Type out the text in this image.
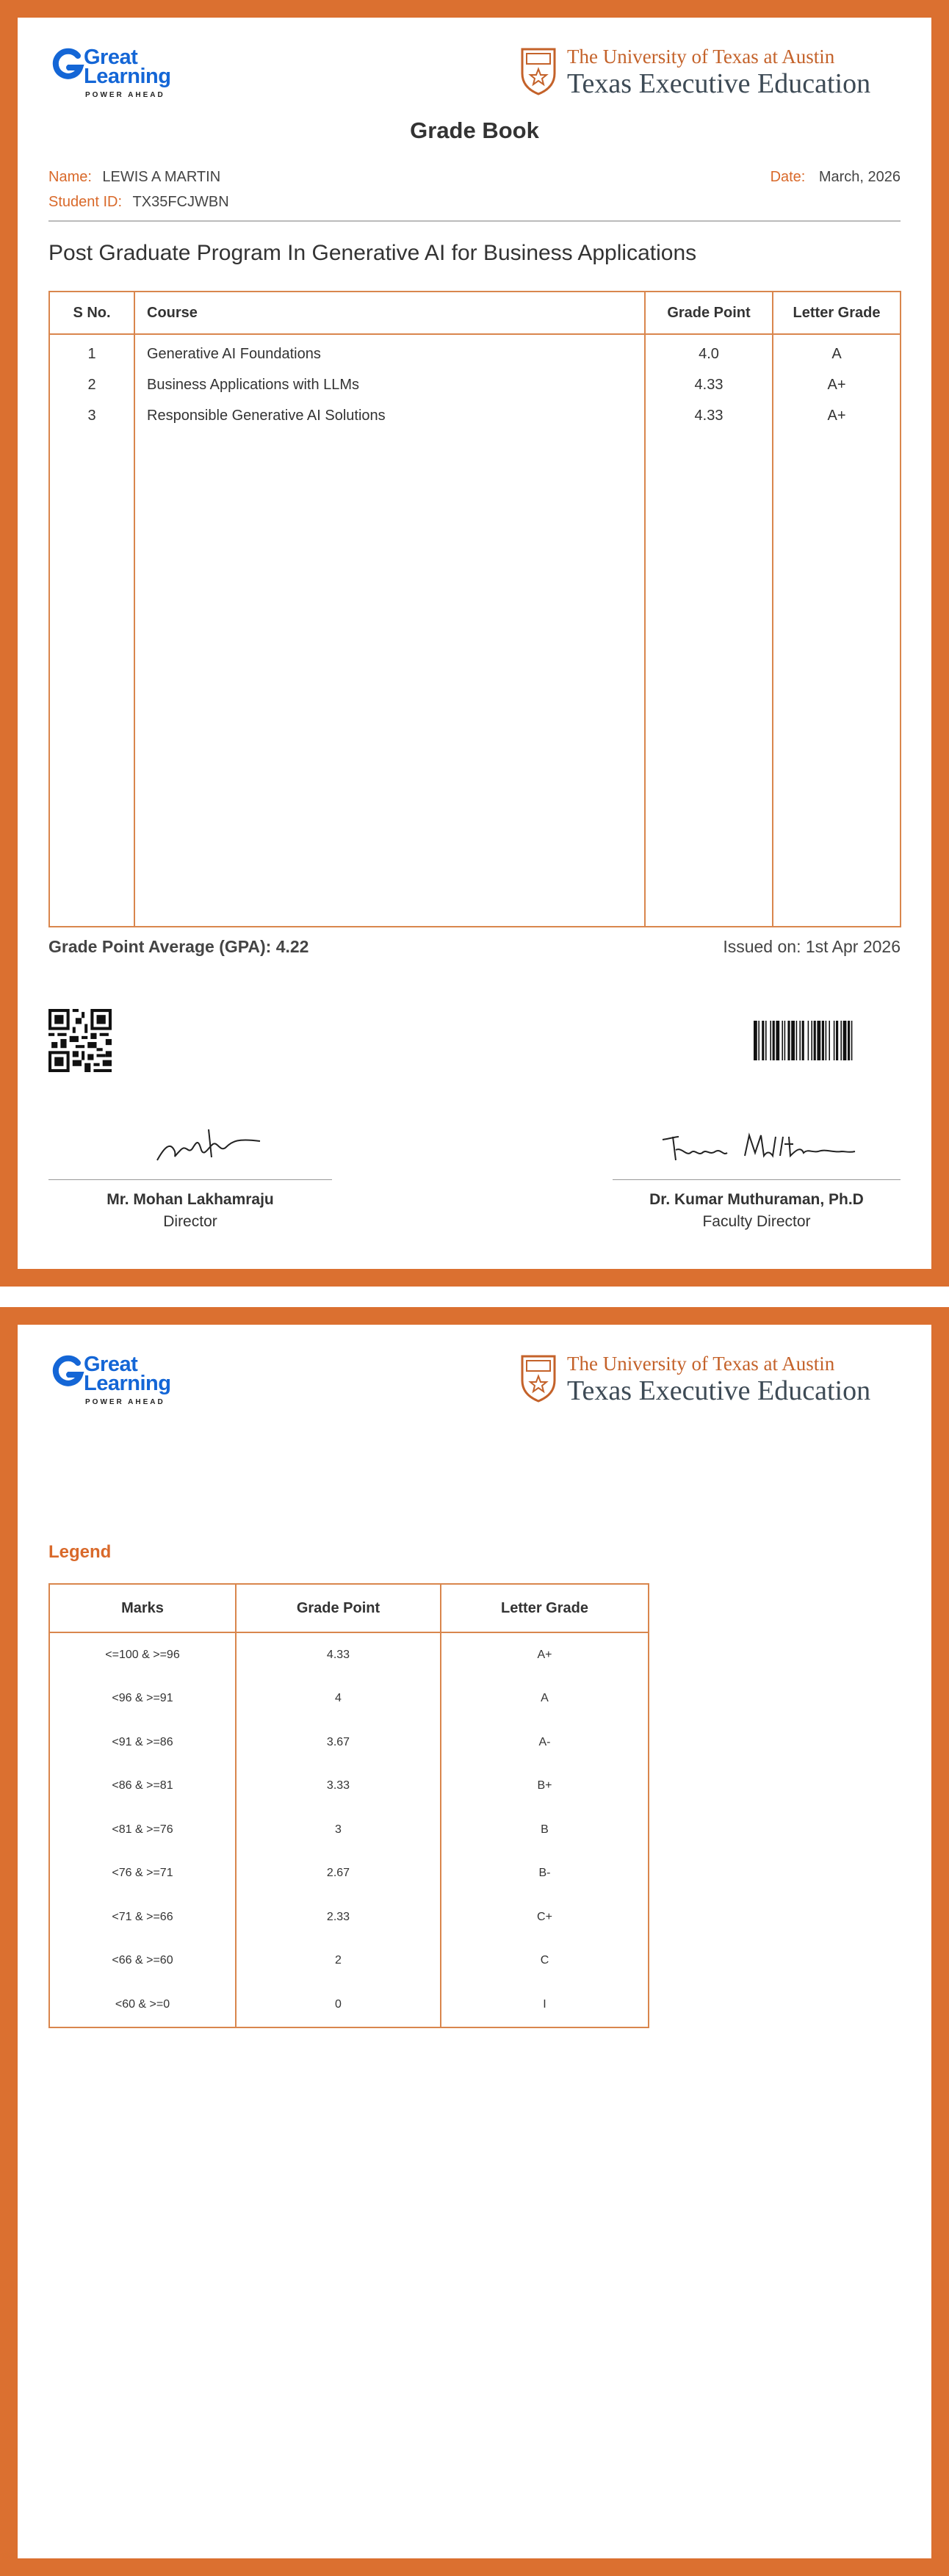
Great
Learning
POWER AHEAD
The University of Texas at Austin
Texas Executive Education
Grade Book
Name: LEWIS A MARTIN	Date: March, 2026
Student ID: TX35FCJWBN
Post Graduate Program In Generative AI for Business Applications
S No.	Course	Grade Point	Letter Grade
1	Generative AI Foundations	4.0	A
2	Business Applications with LLMs	4.33	A+
3	Responsible Generative AI Solutions	4.33	A+

Grade Point Average (GPA): 4.22	Issued on: 1st Apr 2026
Mr. Mohan Lakhamraju
Director
Dr. Kumar Muthuraman, Ph.D
Faculty Director
Great
Learning
POWER AHEAD
The University of Texas at Austin
Texas Executive Education
Legend
Marks	Grade Point	Letter Grade
<=100 & >=96	4.33	A+
<96 & >=91	4	A
<91 & >=86	3.67	A-
<86 & >=81	3.33	B+
<81 & >=76	3	B
<76 & >=71	2.67	B-
<71 & >=66	2.33	C+
<66 & >=60	2	C
<60 & >=0	0	I
